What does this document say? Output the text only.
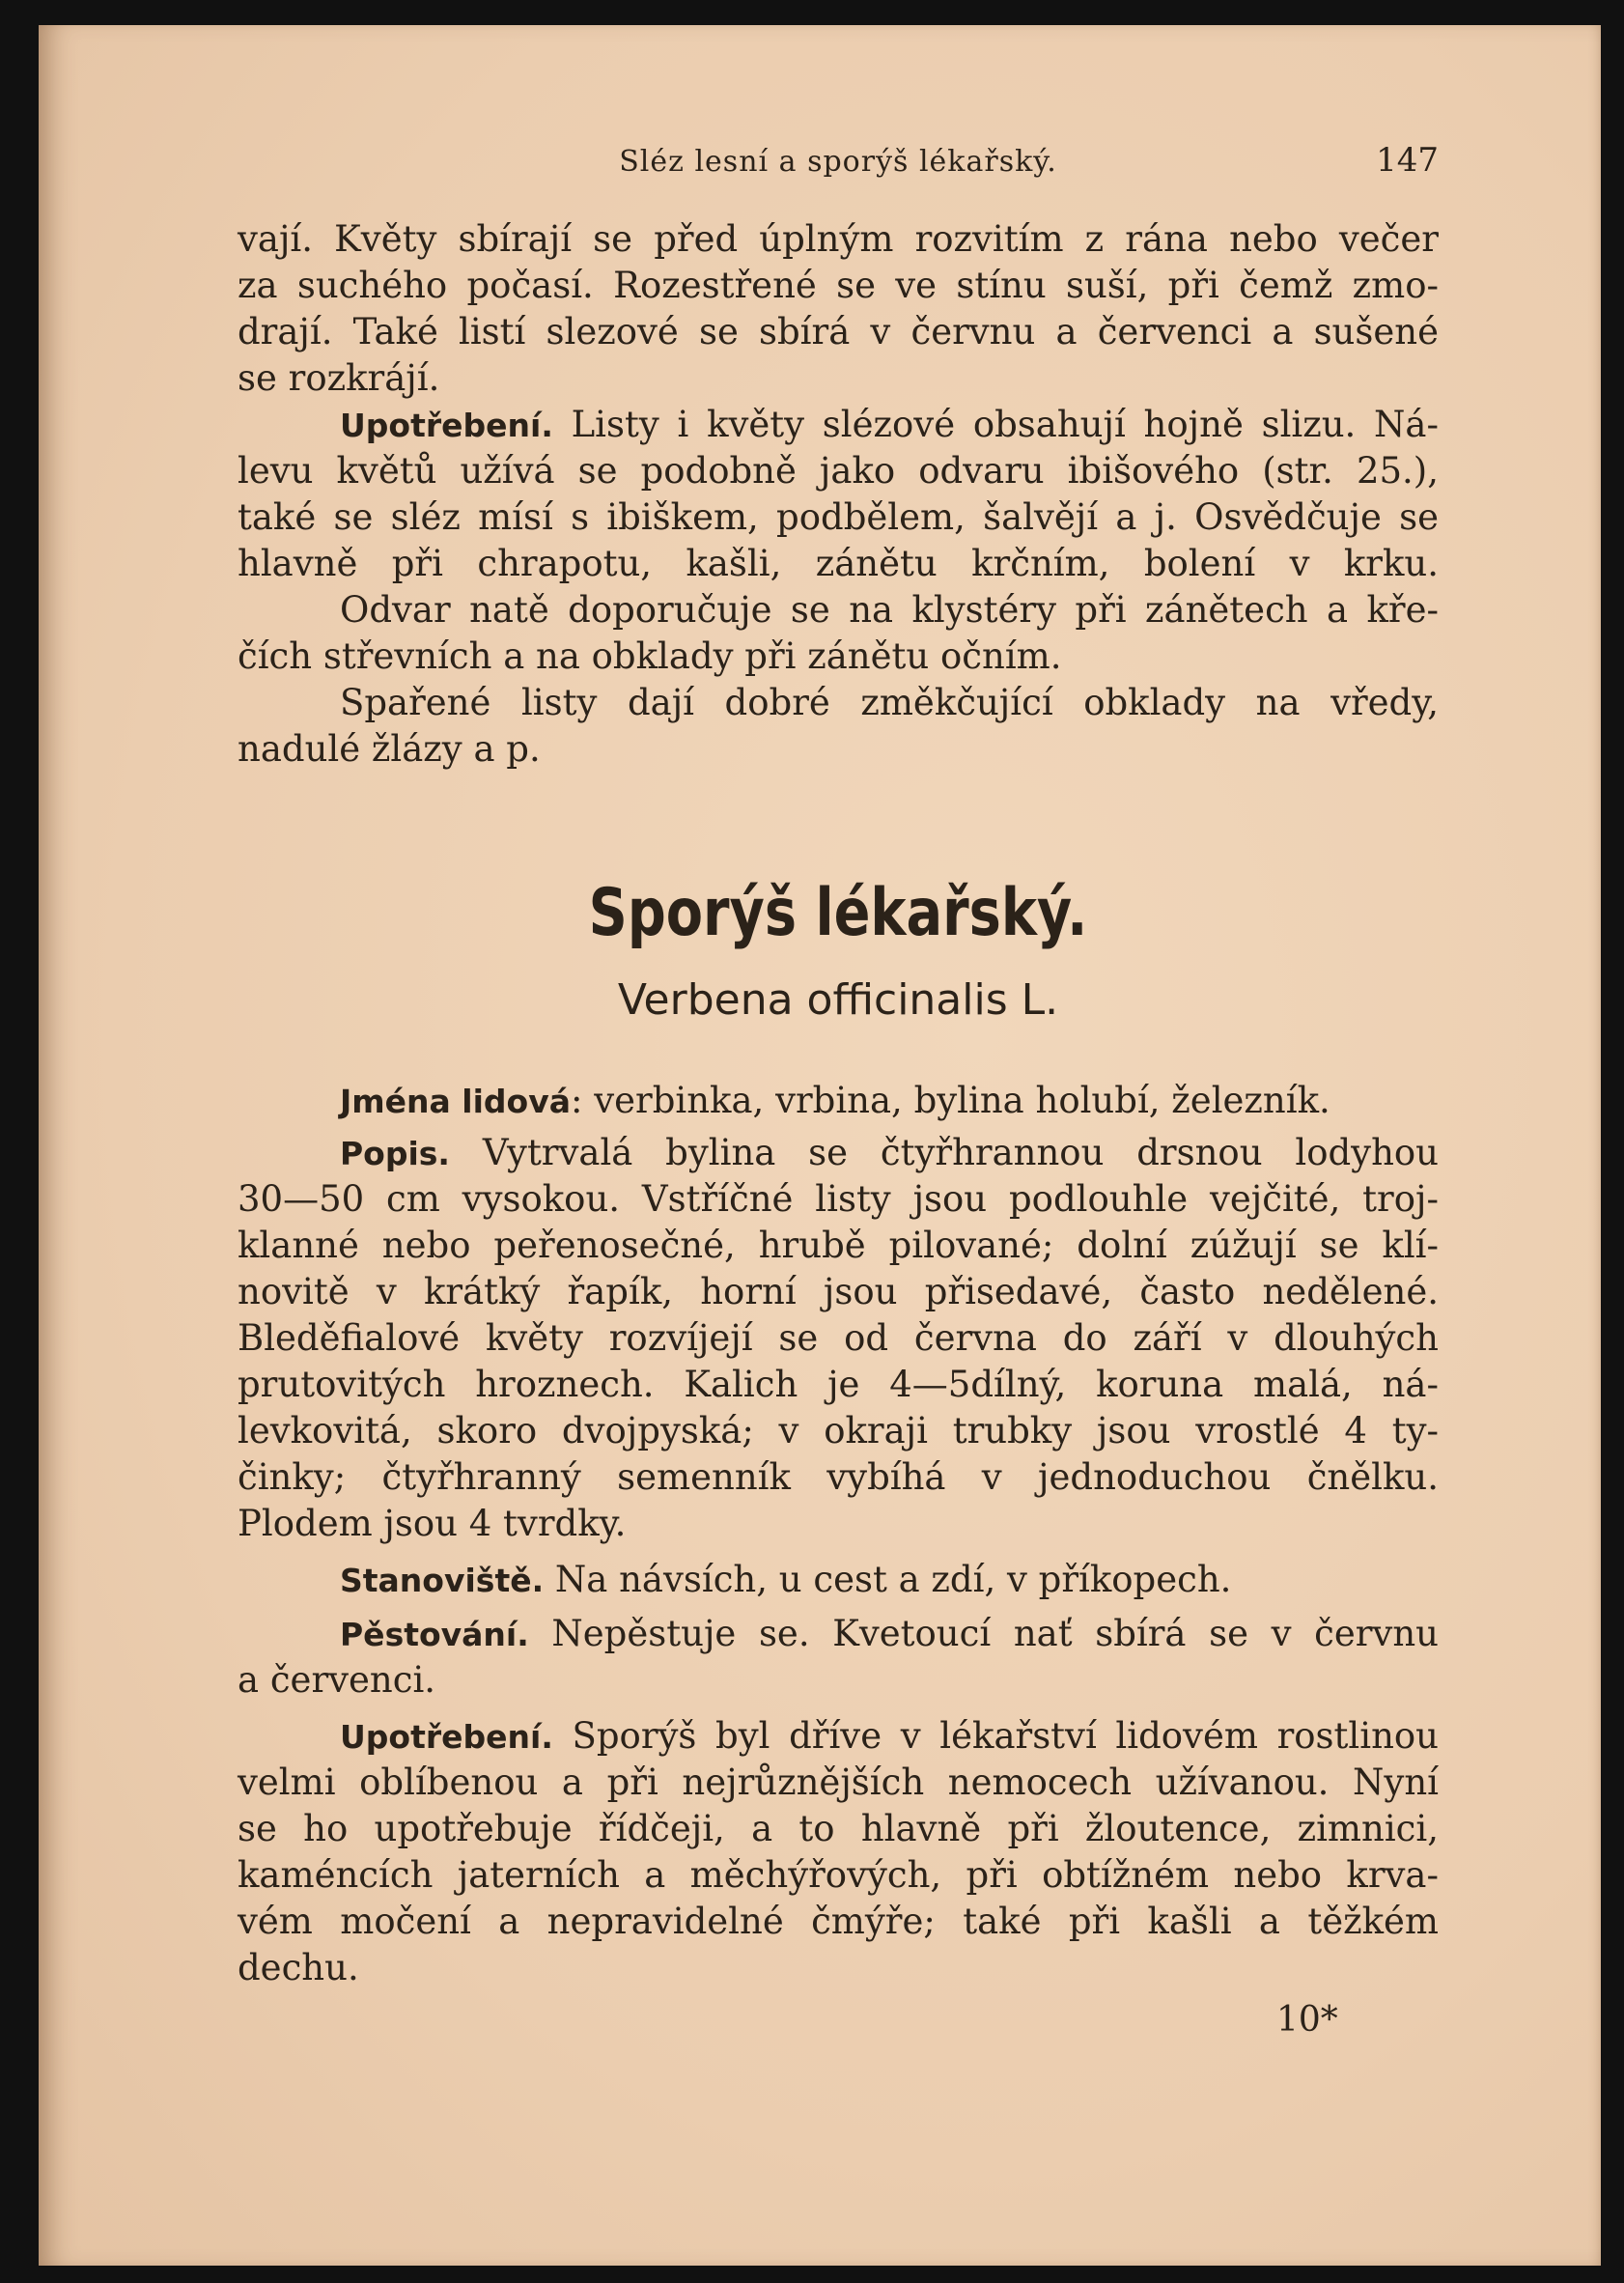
Sléz lesní a sporýš lékařský.	147
vají. Květy sbírají se před úplným rozvitím z rána nebo večer
za suchého počasí. Rozestřené se ve stínu suší, při čemž zmo-
drají. Také listí slezové se sbírá v červnu a červenci a sušené
se rozkrájí.
Upotřebení. Listy i květy slézové obsahují hojně slizu. Ná-
levu květů užívá se podobně jako odvaru ibišového (str. 25.),
také se sléz mísí s ibiškem, podbělem, šalvějí a j. Osvědčuje se
hlavně při chrapotu, kašli, zánětu krčním, bolení v krku.
Odvar natě doporučuje se na klystéry při zánětech a kře-
čích střevních a na obklady při zánětu očním.
Spařené listy dají dobré změkčující obklady na vředy,
nadulé žlázy a p.
Sporýš lékařský.
Verbena officinalis L.
Jména lidová: verbinka, vrbina, bylina holubí, železník.
Popis. Vytrvalá bylina se čtyřhrannou drsnou lodyhou
30—50 cm vysokou. Vstříčné listy jsou podlouhle vejčité, troj-
klanné nebo peřenosečné, hrubě pilované; dolní zúžují se klí-
novitě v krátký řapík, horní jsou přisedavé, často nedělené.
Bleděfialové květy rozvíjejí se od června do září v dlouhých
prutovitých hroznech. Kalich je 4—5dílný, koruna malá, ná-
levkovitá, skoro dvojpyská; v okraji trubky jsou vrostlé 4 ty-
činky; čtyřhranný semenník vybíhá v jednoduchou čnělku.
Plodem jsou 4 tvrdky.
Stanoviště. Na návsích, u cest a zdí, v příkopech.
Pěstování. Nepěstuje se. Kvetoucí nať sbírá se v červnu
a červenci.
Upotřebení. Sporýš byl dříve v lékařství lidovém rostlinou
velmi oblíbenou a při nejrůznějších nemocech užívanou. Nyní
se ho upotřebuje řídčeji, a to hlavně při žloutence, zimnici,
kaméncích jaterních a měchýřových, při obtížném nebo krva-
vém močení a nepravidelné čmýře; také při kašli a těžkém
dechu.
10*
